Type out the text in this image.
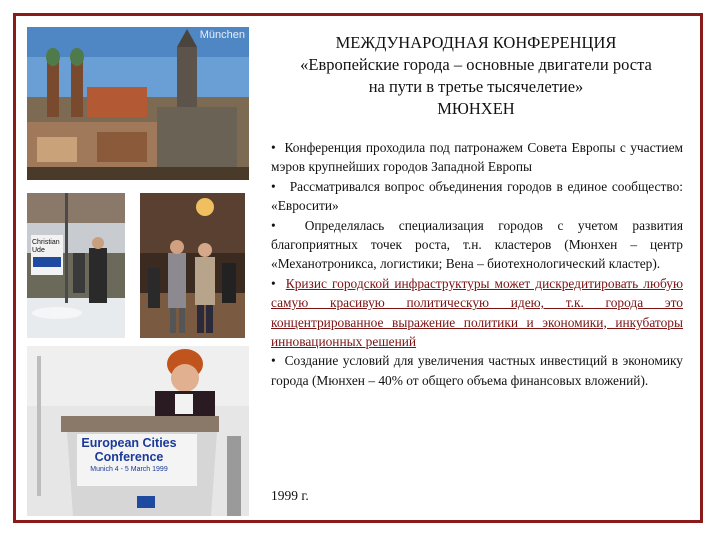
München
Christian Ude
European Cities
Conference
Munich 4 - 5 March 1999
МЕЖДУНАРОДНАЯ КОНФЕРЕНЦИЯ
«Европейские города – основные двигатели роста
на пути в третье тысячелетие»
МЮНХЕН

• Конференция проходила под патронажем Совета Европы с участием мэров крупнейших городов Западной Европы

• Рассматривался вопрос объединения городов в единое сообщество: «Евросити»

• Определялась специализация городов с учетом развития благоприятных точек роста, т.н. кластеров (Мюнхен – центр «Механотроникса, логистики; Вена – биотехнологический кластер).

• Кризис городской инфраструктуры может дискредитировать любую самую красивую политическую идею, т.к. города это концентрированное выражение политики и экономики, инкубаторы инновационных решений

• Создание условий для увеличения частных инвестиций в экономику города (Мюнхен – 40% от общего объема финансовых вложений).

1999 г.
